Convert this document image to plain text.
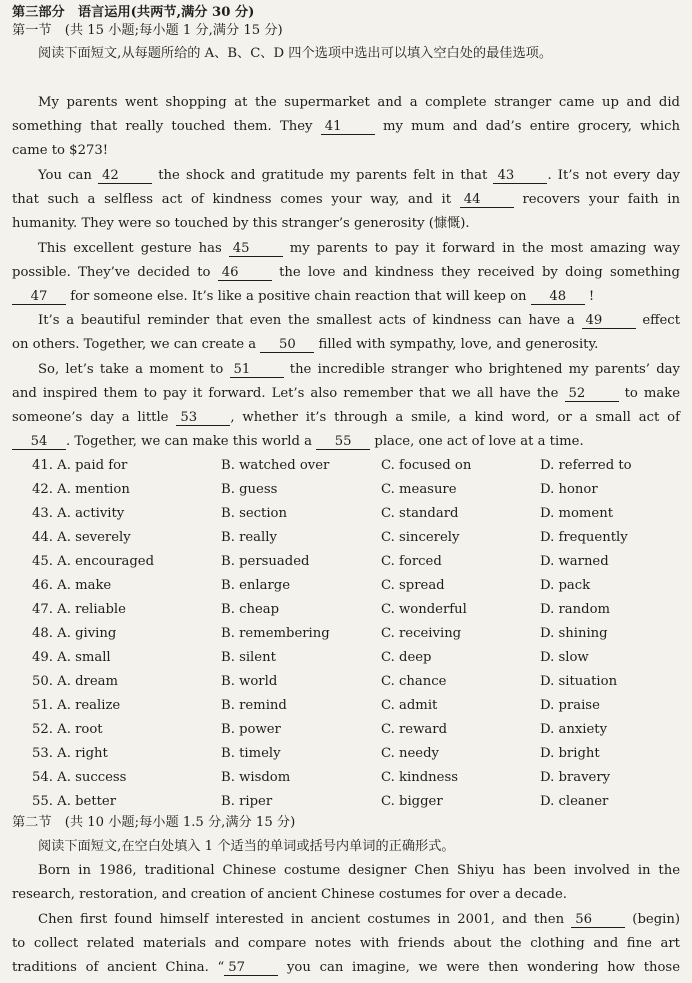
第三部分　语言运用(共两节,满分 30 分)
第一节　(共 15 小题;每小题 1 分,满分 15 分)
阅读下面短文,从每题所给的 A、B、C、D 四个选项中选出可以填入空白处的最佳选项。
My parents went shopping at the supermarket and a complete stranger came up and did
something that really touched them. They 41	my mum and dad’s entire grocery, which
came to $273!
You can 42	the shock and gratitude my parents felt in that 43	. It’s not every day
that such a selfless act of kindness comes your way, and it 44	recovers your faith in
humanity. They were so touched by this stranger’s generosity (慷慨).
This excellent gesture has 45	my parents to pay it forward in the most amazing way
possible. They’ve decided to 46	the love and kindness they received by doing something
47 for someone else. It’s like a positive chain reaction that will keep on 48 !
It’s a beautiful reminder that even the smallest acts of kindness can have a 49	effect
on others. Together, we can create a 50 filled with sympathy, love, and generosity.
So, let’s take a moment to 51	the incredible stranger who brightened my parents’ day
and inspired them to pay it forward. Let’s also remember that we all have the 52	to make
someone’s day a little 53	, whether it’s through a smile, a kind word, or a small act of
54 . Together, we can make this world a 55 place, one act of love at a time.
41. A. paid for	B. watched over	C. focused on	D. referred to
42. A. mention	B. guess	C. measure	D. honor
43. A. activity	B. section	C. standard	D. moment
44. A. severely	B. really	C. sincerely	D. frequently
45. A. encouraged	B. persuaded	C. forced	D. warned
46. A. make	B. enlarge	C. spread	D. pack
47. A. reliable	B. cheap	C. wonderful	D. random
48. A. giving	B. remembering	C. receiving	D. shining
49. A. small	B. silent	C. deep	D. slow
50. A. dream	B. world	C. chance	D. situation
51. A. realize	B. remind	C. admit	D. praise
52. A. root	B. power	C. reward	D. anxiety
53. A. right	B. timely	C. needy	D. bright
54. A. success	B. wisdom	C. kindness	D. bravery
55. A. better	B. riper	C. bigger	D. cleaner
第二节　(共 10 小题;每小题 1.5 分,满分 15 分)
阅读下面短文,在空白处填入 1 个适当的单词或括号内单词的正确形式。
Born in 1986, traditional Chinese costume designer Chen Shiyu has been involved in the
research, restoration, and creation of ancient Chinese costumes for over a decade.
Chen first found himself interested in ancient costumes in 2001, and then 56	(begin)
to collect related materials and compare notes with friends about the clothing and fine art
traditions of ancient China. “ 57	you can imagine, we were then wondering how those
